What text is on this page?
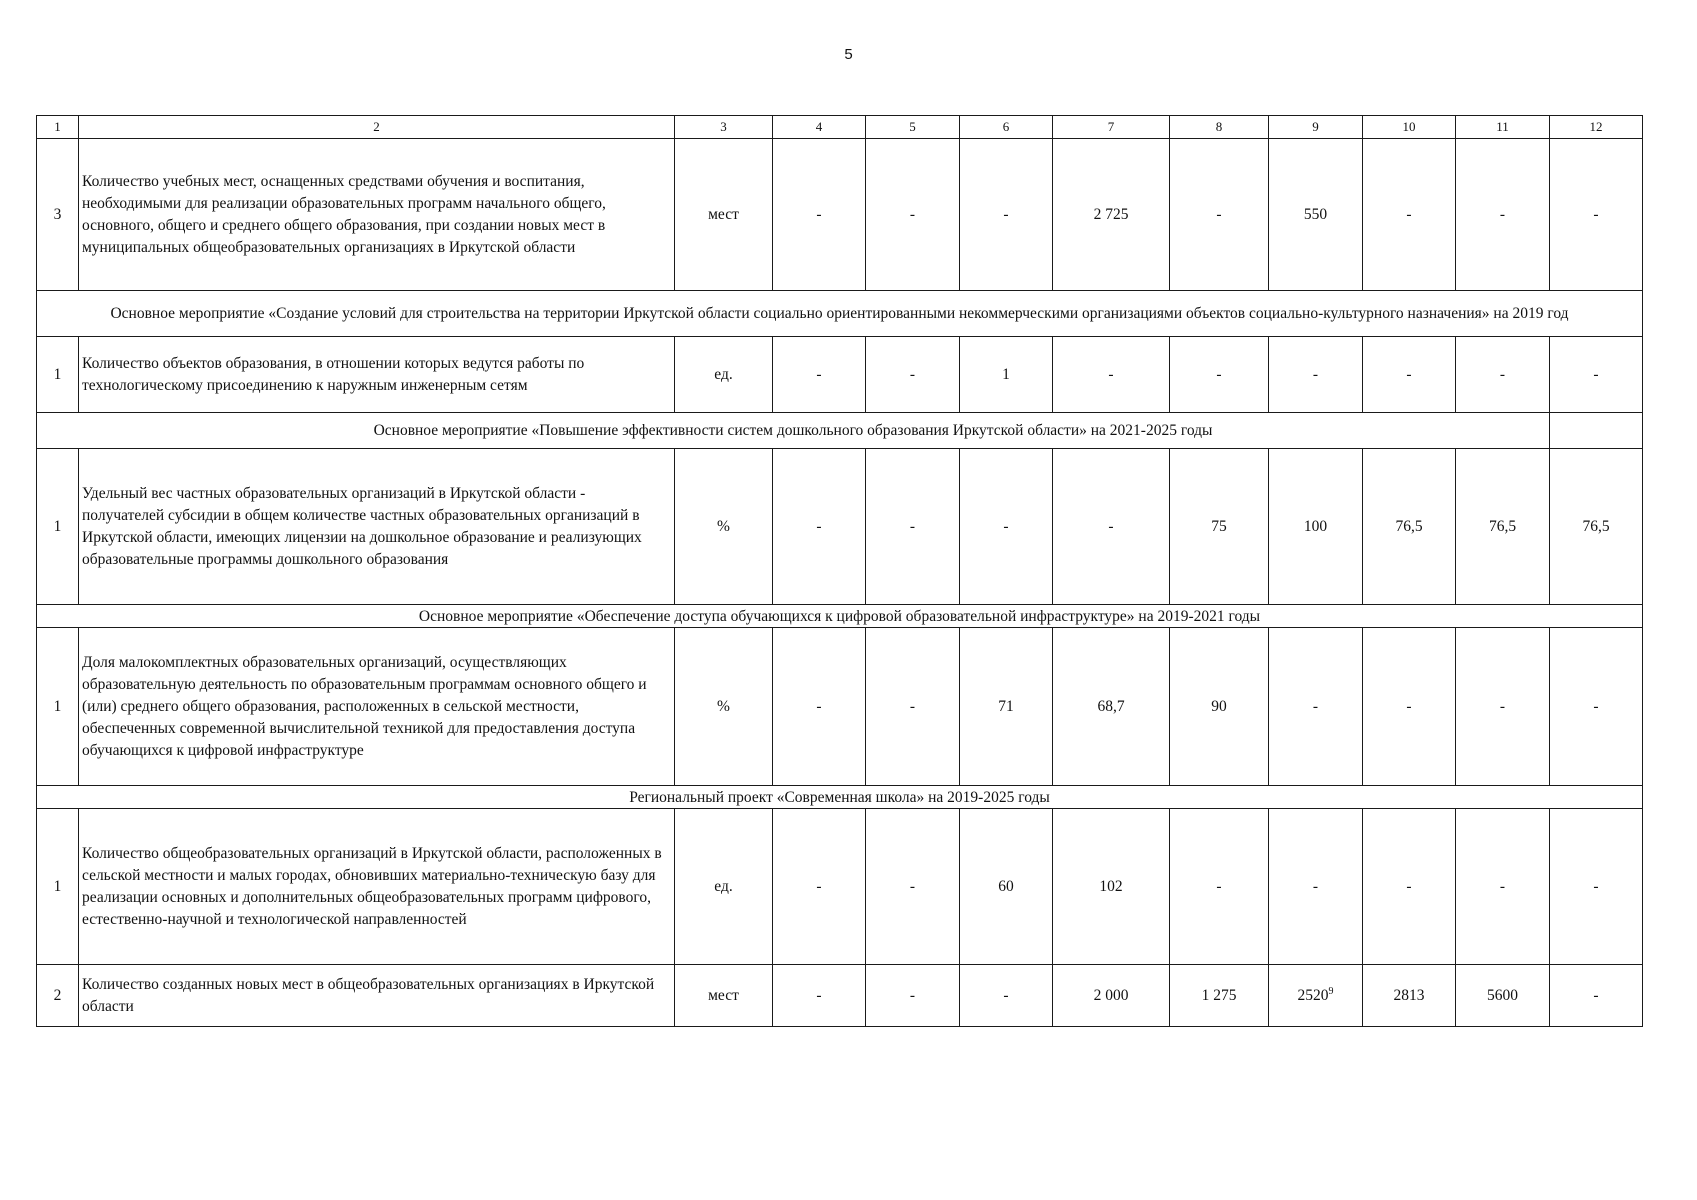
5
1	2	3	4	5	6	7	8	9	10	11	12
3	Количество учебных мест, оснащенных средствами обучения и воспитания, необходимыми для реализации образовательных программ начального общего, основного, общего и среднего общего образования, при создании новых мест в муниципальных общеобразовательных организациях в Иркутской области	мест	-	-	-	2 725	-	550	-	-	-
Основное мероприятие «Создание условий для строительства на территории Иркутской области социально ориентированными некоммерческими организациями объектов социально-культурного назначения» на 2019 год											
1	Количество объектов образования, в отношении которых ведутся работы по технологическому присоединению к наружным инженерным сетям	ед.	-	-	1	-	-	-	-	-	-
Основное мероприятие «Повышение эффективности систем дошкольного образования Иркутской области» на 2021-2025 годы											
1	Удельный вес частных образовательных организаций в Иркутской области - получателей субсидии в общем количестве частных образовательных организаций в Иркутской области, имеющих лицензии на дошкольное образование и реализующих образовательные программы дошкольного образования	%	-	-	-	-	75	100	76,5	76,5	76,5
Основное мероприятие «Обеспечение доступа обучающихся к цифровой образовательной инфраструктуре» на 2019-2021 годы											
1	Доля малокомплектных образовательных организаций, осуществляющих образовательную деятельность по образовательным программам основного общего и (или) среднего общего образования, расположенных в сельской местности, обеспеченных современной вычислительной техникой для предоставления доступа обучающихся к цифровой инфраструктуре	%	-	-	71	68,7	90	-	-	-	-
Региональный проект «Современная школа» на 2019-2025 годы											
1	Количество общеобразовательных организаций в Иркутской области, расположенных в сельской местности и малых городах, обновивших материально-техническую базу для реализации основных и дополнительных общеобразовательных программ цифрового, естественно-научной и технологической направленностей	ед.	-	-	60	102	-	-	-	-	-
2	Количество созданных новых мест в общеобразовательных организациях в Иркутской области	мест	-	-	-	2 000	1 275	2520$^9$	2813	5600	-
